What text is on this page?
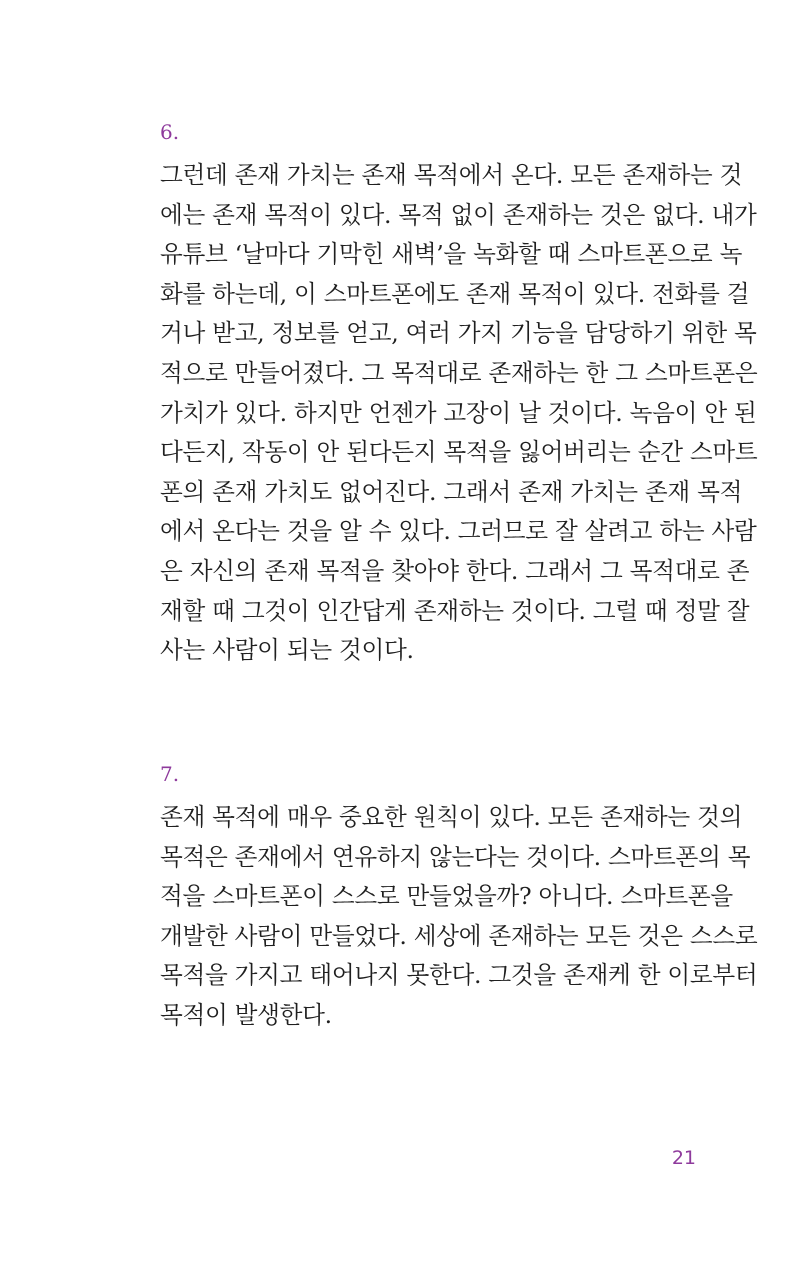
6.
그런데 존재 가치는 존재 목적에서 온다. 모든 존재하는 것
에는 존재 목적이 있다. 목적 없이 존재하는 것은 없다. 내가
유튜브 ‘날마다 기막힌 새벽’을 녹화할 때 스마트폰으로 녹
화를 하는데, 이 스마트폰에도 존재 목적이 있다. 전화를 걸
거나 받고, 정보를 얻고, 여러 가지 기능을 담당하기 위한 목
적으로 만들어졌다. 그 목적대로 존재하는 한 그 스마트폰은
가치가 있다. 하지만 언젠가 고장이 날 것이다. 녹음이 안 된
다든지, 작동이 안 된다든지 목적을 잃어버리는 순간 스마트
폰의 존재 가치도 없어진다. 그래서 존재 가치는 존재 목적
에서 온다는 것을 알 수 있다. 그러므로 잘 살려고 하는 사람
은 자신의 존재 목적을 찾아야 한다. 그래서 그 목적대로 존
재할 때 그것이 인간답게 존재하는 것이다. 그럴 때 정말 잘
사는 사람이 되는 것이다.
7.
존재 목적에 매우 중요한 원칙이 있다. 모든 존재하는 것의
목적은 존재에서 연유하지 않는다는 것이다. 스마트폰의 목
적을 스마트폰이 스스로 만들었을까? 아니다. 스마트폰을
개발한 사람이 만들었다. 세상에 존재하는 모든 것은 스스로
목적을 가지고 태어나지 못한다. 그것을 존재케 한 이로부터
목적이 발생한다.
21
